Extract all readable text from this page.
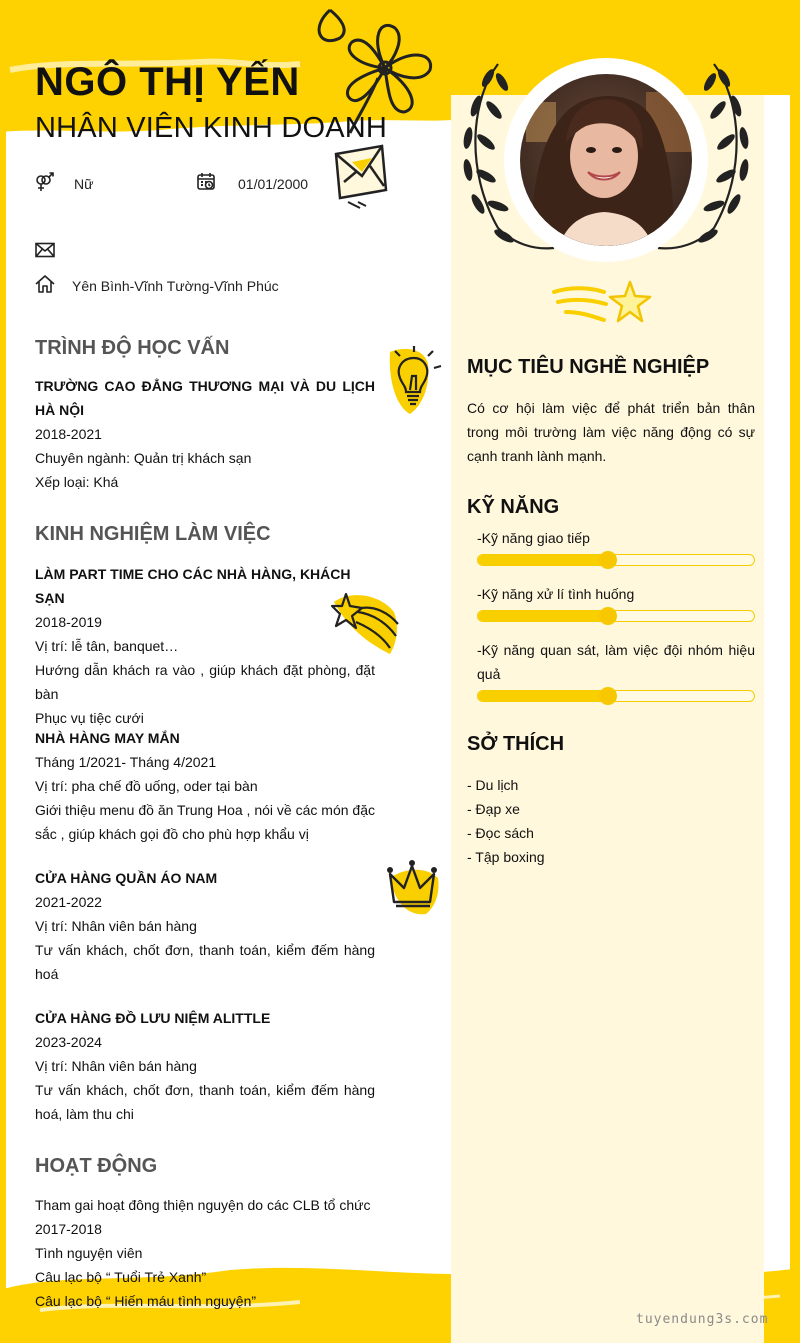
NGÔ THỊ YẾN
NHÂN VIÊN KINH DOANH
Nữ	01/01/2000
Yên Bình-Vĩnh Tường-Vĩnh Phúc
TRÌNH ĐỘ HỌC VẤN

TRƯỜNG CAO ĐẲNG THƯƠNG MẠI VÀ DU LỊCH HÀ NỘI

2018-2021

Chuyên ngành: Quản trị khách sạn

Xếp loại: Khá

KINH NGHIỆM LÀM VIỆC

LÀM PART TIME CHO CÁC NHÀ HÀNG, KHÁCH SẠN

2018-2019

Vị trí: lễ tân, banquet…

Hướng dẫn khách ra vào , giúp khách đặt phòng, đặt bàn

Phục vụ tiệc cưới

NHÀ HÀNG MAY MẮN

Tháng 1/2021- Tháng 4/2021

Vị trí: pha chế đồ uống, oder tại bàn

Giới thiệu menu đồ ăn Trung Hoa , nói về các món đặc sắc , giúp khách gọi đồ cho phù hợp khẩu vị

CỬA HÀNG QUẦN ÁO NAM

2021-2022

Vị trí: Nhân viên bán hàng

Tư vấn khách, chốt đơn, thanh toán, kiểm đếm hàng hoá

CỬA HÀNG ĐỒ LƯU NIỆM ALITTLE

2023-2024

Vị trí: Nhân viên bán hàng

Tư vấn khách, chốt đơn, thanh toán, kiểm đếm hàng hoá, làm thu chi

HOẠT ĐỘNG

Tham gai hoạt đông thiện nguyện do các CLB tổ chức

2017-2018

Tình nguyện viên

Câu lạc bộ “ Tuổi Trẻ Xanh”

Câu lạc bộ “ Hiến máu tình nguyện”

MỤC TIÊU NGHỀ NGHIỆP

Có cơ hội làm việc để phát triển bản thân trong môi trường làm việc năng động có sự cạnh tranh lành mạnh.

KỸ NĂNG
-Kỹ năng giao tiếp
-Kỹ năng xử lí tình huống
-Kỹ năng quan sát, làm việc đội nhóm hiệu quả
SỞ THÍCH
- Du lịch
- Đạp xe
- Đọc sách
- Tập boxing
tuyendung3s.com
